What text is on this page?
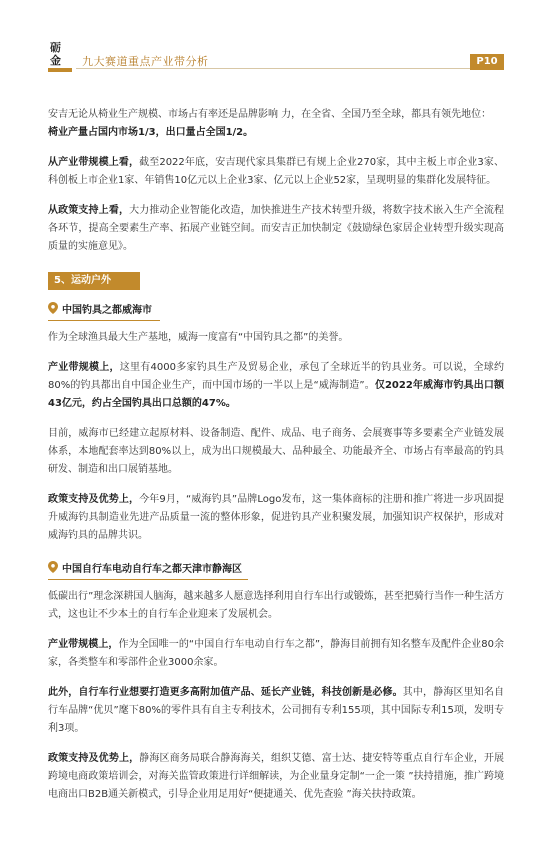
砺
金 九大赛道重点产业带分析	P10

安吉无论从椅业生产规模、市场占有率还是品牌影响 力，在全省、全国乃至全球，都具有领先地位：
椅业产量占国内市场1/3，出口量占全国1/2。

从产业带规模上看，截至2022年底，安吉现代家具集群已有规上企业270家，其中主板上市企业3家、科创板上市企业1家、年销售10亿元以上企业3家、亿元以上企业52家，呈现明显的集群化发展特征。

从政策支持上看，大力推动企业智能化改造，加快推进生产技术转型升级，将数字技术嵌入生产全流程各环节，提高全要素生产率、拓展产业链空间。而安吉正加快制定《鼓励绿色家居企业转型升级实现高质量的实施意见》。

5、运动户外
中国钓具之都威海市

作为全球渔具最大生产基地，威海一度富有“中国钓具之都”的美誉。

产业带规模上，这里有4000多家钓具生产及贸易企业，承包了全球近半的钓具业务。可以说，全球约80%的钓具都出自中国企业生产，而中国市场的一半以上是“威海制造”。仅2022年威海市钓具出口额43亿元，约占全国钓具出口总额的47%。

目前，威海市已经建立起原材料、设备制造、配件、成品、电子商务、会展赛事等多要素全产业链发展体系，本地配套率达到80%以上，成为出口规模最大、品种最全、功能最齐全、市场占有率最高的钓具研发、制造和出口展销基地。

政策支持及优势上，今年9月，“威海钓具”品牌Logo发布，这一集体商标的注册和推广将进一步巩固提升威海钓具制造业先进产品质量一流的整体形象，促进钓具产业积聚发展，加强知识产权保护，形成对威海钓具的品牌共识。

中国自行车电动自行车之都天津市静海区

低碳出行”理念深耕国人脑海，越来越多人愿意选择利用自行车出行或锻炼，甚至把骑行当作一种生活方式，这也让不少本土的自行车企业迎来了发展机会。

产业带规模上，作为全国唯一的“中国自行车电动自行车之都”，静海目前拥有知名整车及配件企业80余家，各类整车和零部件企业3000余家。

此外，自行车行业想要打造更多高附加值产品、延长产业链，科技创新是必修。其中，静海区里知名自行车品牌“优贝”麾下80%的零件具有自主专利技术，公司拥有专利155项，其中国际专利15项，发明专利3项。

政策支持及优势上，静海区商务局联合静海海关，组织艾德、富士达、捷安特等重点自行车企业，开展跨境电商政策培训会，对海关监管政策进行详细解读，为企业量身定制“一企一策 ”扶持措施，推广跨境电商出口B2B通关新模式，引导企业用足用好“便捷通关、优先查验 ”海关扶持政策。
